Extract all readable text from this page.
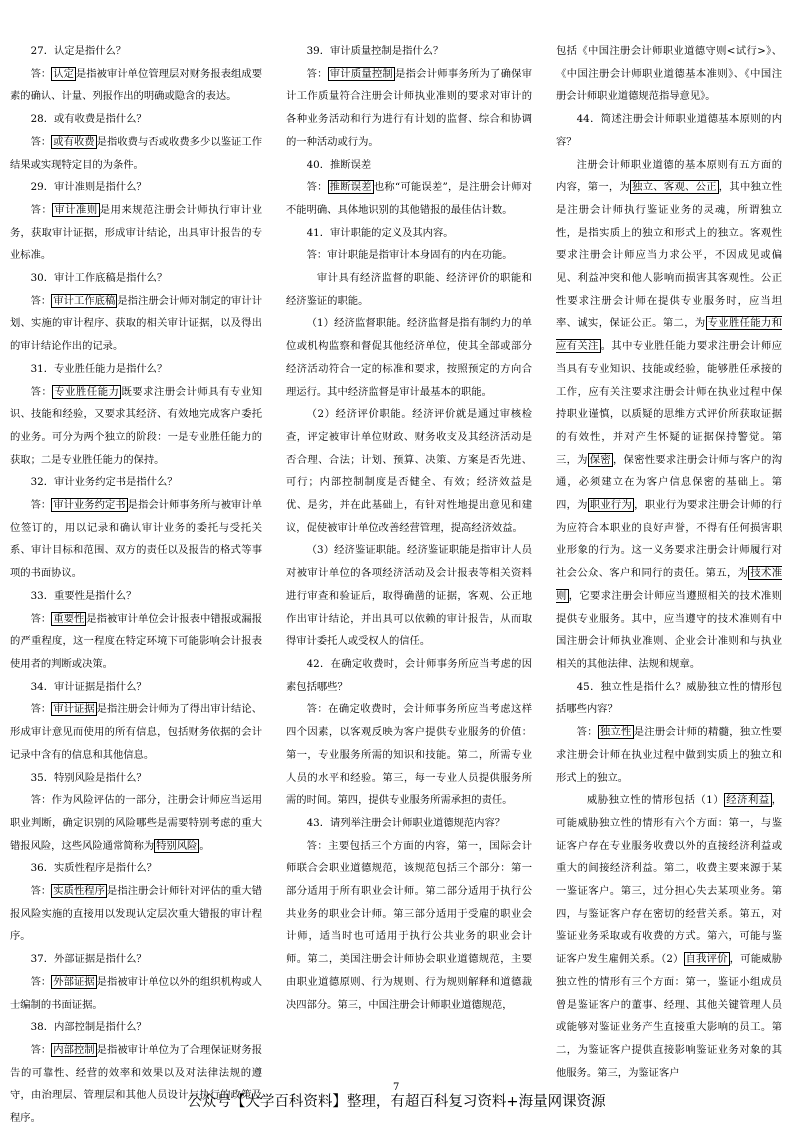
27．认定是指什么？

答： 认定 是指被审计单位管理层对财务报表组成要素的确认、计量、列报作出的明确或隐含的表达。

28．或有收费是指什么？

答： 或有收费 是指收费与否或收费多少以鉴证工作结果或实现特定目的为条件。

29．审计准则是指什么？

答： 审计准则 是用来规范注册会计师执行审计业务，获取审计证据，形成审计结论，出具审计报告的专业标准。

30．审计工作底稿是指什么？

答： 审计工作底稿 是指注册会计师对制定的审计计划、实施的审计程序、获取的相关审计证据，以及得出的审计结论作出的记录。

31．专业胜任能力是指什么？

答： 专业胜任能力 既要求注册会计师具有专业知识、技能和经验，又要求其经济、有效地完成客户委托的业务。可分为两个独立的阶段：一是专业胜任能力的获取；二是专业胜任能力的保持。

32．审计业务约定书是指什么？

答： 审计业务约定书 是指会计师事务所与被审计单位签订的，用以记录和确认审计业务的委托与受托关系、审计目标和范围、双方的责任以及报告的格式等事项的书面协议。

33．重要性是指什么？

答： 重要性 是指被审计单位会计报表中错报或漏报的严重程度，这一程度在特定环境下可能影响会计报表使用者的判断或决策。

34．审计证据是指什么？

答： 审计证据 是指注册会计师为了得出审计结论、形成审计意见而使用的所有信息，包括财务依据的会计记录中含有的信息和其他信息。

35．特别风险是指什么？

答：作为风险评估的一部分，注册会计师应当运用职业判断，确定识别的风险哪些是需要特别考虑的重大错报风险，这些风险通常简称为 特别风险 。

36．实质性程序是指什么？

答： 实质性程序 是指注册会计师针对评估的重大错报风险实施的直接用以发现认定层次重大错报的审计程序。

37．外部证据是指什么？

答： 外部证据 是指被审计单位以外的组织机构或人士编制的书面证据。

38．内部控制是指什么？

答： 内部控制 是指被审计单位为了合理保证财务报告的可靠性、经营的效率和效果以及对法律法规的遵守，由治理层、管理层和其他人员设计与执行的政策及程序。

39．审计质量控制是指什么？

答： 审计质量控制 是指会计师事务所为了确保审计工作质量符合注册会计师执业准则的要求对审计的各种业务活动和行为进行有计划的监督、综合和协调的一种活动或行为。

40．推断误差

答： 推断误差 也称“可能误差”，是注册会计师对不能明确、具体地识别的其他错报的最佳估计数。

41．审计职能的定义及其内容。

答：审计职能是指审计本身固有的内在功能。

审计具有经济监督的职能、经济评价的职能和经济鉴证的职能。

（1）经济监督职能。经济监督是指有制约力的单位或机构监察和督促其他经济单位，使其全部或部分经济活动符合一定的标准和要求，按照预定的方向合理运行。其中经济监督是审计最基本的职能。

（2）经济评价职能。经济评价就是通过审核检查，评定被审计单位财政、财务收支及其经济活动是否合理、合法；计划、预算、决策、方案是否先进、可行；内部控制制度是否健全、有效；经济效益是优、是劣，并在此基础上，有针对性地提出意见和建议，促使被审计单位改善经营管理，提高经济效益。

（3）经济鉴证职能。经济鉴证职能是指审计人员对被审计单位的各项经济活动及会计报表等相关资料进行审查和验证后，取得确凿的证据，客观、公正地作出审计结论，并出具可以依赖的审计报告，从而取得审计委托人或受权人的信任。

42．在确定收费时，会计师事务所应当考虑的因素包括哪些？

答：在确定收费时，会计师事务所应当考虑这样四个因素，以客观反映为客户提供专业服务的价值：第一，专业服务所需的知识和技能。第二，所需专业人员的水平和经验。第三，每一专业人员提供服务所需的时间。第四，提供专业服务所需承担的责任。

43．请列举注册会计师职业道德规范内容？

答：主要包括三个方面的内容，第一，国际会计师联合会职业道德规范，该规范包括三个部分：第一部分适用于所有职业会计师。第二部分适用于执行公共业务的职业会计师。第三部分适用于受雇的职业会计师，适当时也可适用于执行公共业务的职业会计师。第二，美国注册会计师协会职业道德规范，主要由职业道德原则、行为规则、行为规则解释和道德裁决四部分。第三，中国注册会计师职业道德规范，

包括《中国注册会计师职业道德守则<试行>》、《中国注册会计师职业道德基本准则》、《中国注册会计师职业道德规范指导意见》。

44．简述注册会计师职业道德基本原则的内容？

注册会计师职业道德的基本原则有五方面的内容，第一，为 独立、客观、公正 ，其中独立性是注册会计师执行鉴证业务的灵魂，所谓独立性，是指实质上的独立和形式上的独立。客观性要求注册会计师应当力求公平，不因成见或偏见、利益冲突和他人影响而损害其客观性。公正性要求注册会计师在提供专业服务时，应当坦率、诚实，保证公正。第二，为 专业胜任能力和应有关注 。其中专业胜任能力要求注册会计师应当具有专业知识、技能或经验，能够胜任承接的工作，应有关注要求注册会计师在执业过程中保持职业谨慎，以质疑的思维方式评价所获取证据的有效性，并对产生怀疑的证据保持警觉。第三，为 保密 ，保密性要求注册会计师与客户的沟通，必须建立在为客户信息保密的基础上。第四，为 职业行为 ，职业行为要求注册会计师的行为应符合本职业的良好声誉，不得有任何损害职业形象的行为。这一义务要求注册会计师履行对社会公众、客户和同行的责任。第五，为 技术准则 ，它要求注册会计师应当遵照相关的技术准则提供专业服务。其中，应当遵守的技术准则有中国注册会计师执业准则、企业会计准则和与执业相关的其他法律、法规和规章。

45．独立性是指什么？威胁独立性的情形包括哪些内容？

答： 独立性 是注册会计师的精髓，独立性要求注册会计师在执业过程中做到实质上的独立和形式上的独立。

威胁独立性的情形包括（1） 经济利益 ，可能威胁独立性的情形有六个方面：第一，与鉴证客户存在专业服务收费以外的直接经济利益或重大的间接经济利益。第二，收费主要来源于某一鉴证客户。第三，过分担心失去某项业务。第四，与鉴证客户存在密切的经营关系。第五，对鉴证业务采取或有收费的方式。第六，可能与鉴证客户发生雇佣关系。（2） 自我评价 ，可能威胁独立性的情形有三个方面：第一，鉴证小组成员曾是鉴证客户的董事、经理、其他关键管理人员或能够对鉴证业务产生直接重大影响的员工。第二，为鉴证客户提供直接影响鉴证业务对象的其他服务。第三，为鉴证客户

7
公众号【大学百科资料】整理，有超百科复习资料+海量网课资源
